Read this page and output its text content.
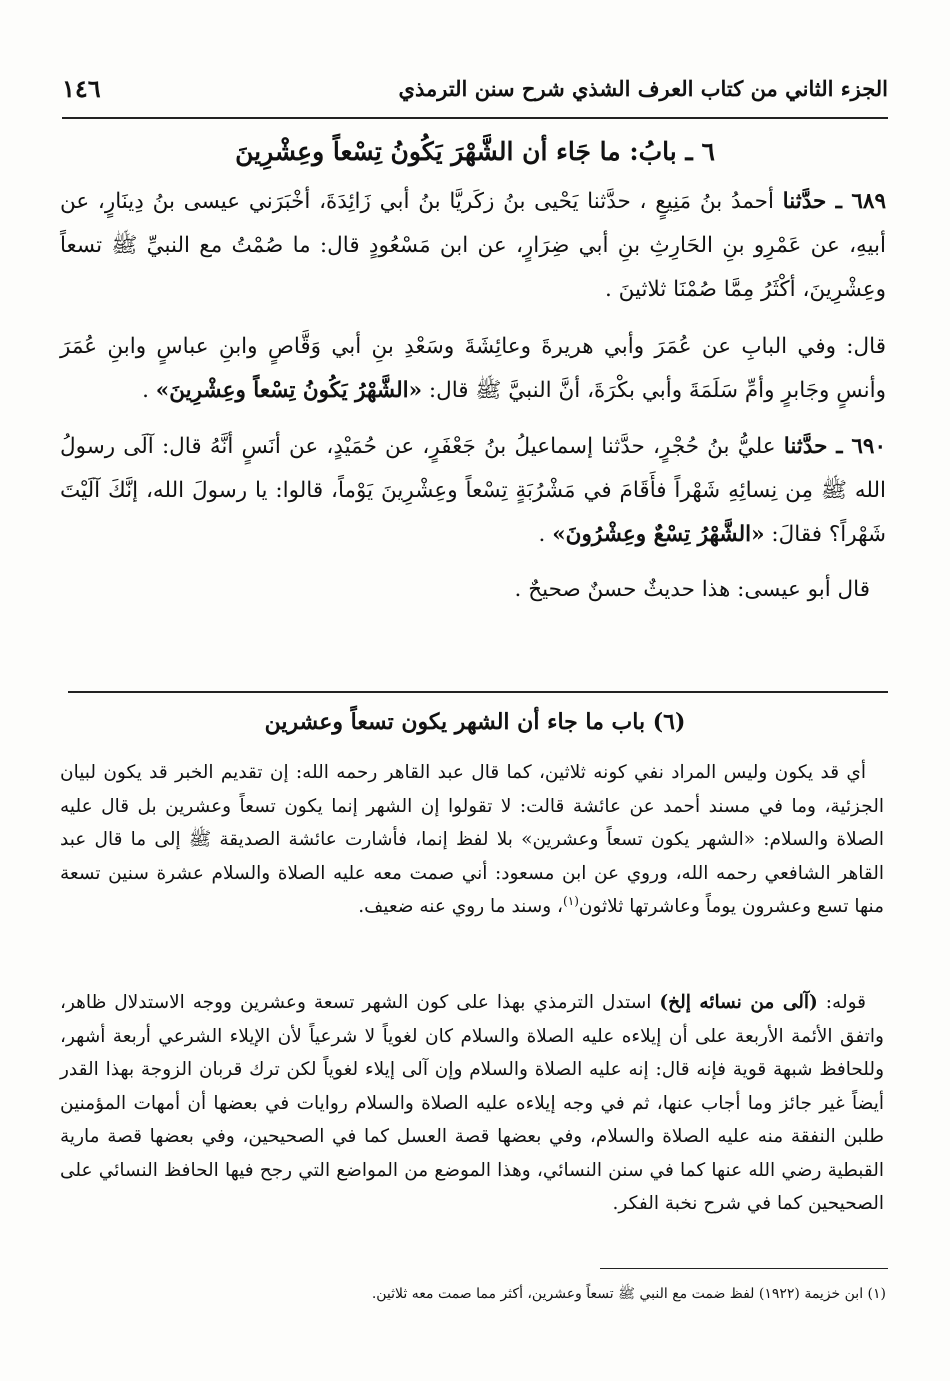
الجزء الثاني من كتاب العرف الشذي شرح سنن الترمذي
١٤٦
٦ ـ بابُ: ما جَاء أن الشَّهْرَ يَكُونُ تِسْعاً وعِشْرِينَ
٦٨٩ ـ حدَّثنا أحمدُ بنُ مَنِيعٍ ، حدَّثنا يَحْيى بنُ زكَريَّا بنُ أبي زَائِدَةَ، أخْبَرَني عيسى بنُ دِينَارٍ، عن أبيهِ، عن عَمْرِو بنِ الحَارِثِ بنِ أبي ضِرَارٍ، عن ابن مَسْعُودٍ قال: ما صُمْتُ مع النبيِّ ﷺ تسعاً وعِشْرِينَ، أكْثَرُ مِمَّا صُمْنَا ثلاثينَ .
قال: وفي البابِ عن عُمَرَ وأبي هريرةَ وعائِشَةَ وسَعْدِ بنِ أبي وَقَّاصٍ وابنِ عباسٍ وابنِ عُمَرَ وأنسٍ وجَابرٍ وأمِّ سَلَمَةَ وأبي بكْرَةَ، أنَّ النبيَّ ﷺ قال: «الشَّهْرُ يَكُونُ تِسْعاً وعِشْرِينَ» .
٦٩٠ ـ حدَّثنا عليُّ بنُ حُجْرٍ، حدَّثنا إسماعيلُ بنُ جَعْفَرٍ، عن حُمَيْدٍ، عن أنَسٍ أنَّهُ قال: آلَى رسولُ الله ﷺ مِن نِسائِهِ شَهْراً فأَقَامَ في مَشْرُبَةٍ تِسْعاً وعِشْرِينَ يَوْماً، قالوا: يا رسولَ الله، إنَّكَ آلَيْتَ شَهْراً؟ فقالَ: «الشَّهْرُ تِسْعٌ وعِشْرُونَ» .
قال أبو عيسى: هذا حديثٌ حسنٌ صحيحٌ .
(٦) باب ما جاء أن الشهر يكون تسعاً وعشرين
أي قد يكون وليس المراد نفي كونه ثلاثين، كما قال عبد القاهر رحمه الله: إن تقديم الخبر قد يكون لبيان الجزئية، وما في مسند أحمد عن عائشة قالت: لا تقولوا إن الشهر إنما يكون تسعاً وعشرين بل قال عليه الصلاة والسلام: «الشهر يكون تسعاً وعشرين» بلا لفظ إنما، فأشارت عائشة الصديقة ﷺ إلى ما قال عبد القاهر الشافعي رحمه الله، وروي عن ابن مسعود: أني صمت معه عليه الصلاة والسلام عشرة سنين تسعة منها تسع وعشرون يوماً وعاشرتها ثلاثون$^{(١)}$، وسند ما روي عنه ضعيف.
قوله: (آلى من نسائه إلخ) استدل الترمذي بهذا على كون الشهر تسعة وعشرين ووجه الاستدلال ظاهر، واتفق الأئمة الأربعة على أن إيلاءه عليه الصلاة والسلام كان لغوياً لا شرعياً لأن الإيلاء الشرعي أربعة أشهر، وللحافظ شبهة قوية فإنه قال: إنه عليه الصلاة والسلام وإن آلى إيلاء لغوياً لكن ترك قربان الزوجة بهذا القدر أيضاً غير جائز وما أجاب عنها، ثم في وجه إيلاءه عليه الصلاة والسلام روايات في بعضها أن أمهات المؤمنين طلبن النفقة منه عليه الصلاة والسلام، وفي بعضها قصة العسل كما في الصحيحين، وفي بعضها قصة مارية القبطية رضي الله عنها كما في سنن النسائي، وهذا الموضع من المواضع التي رجح فيها الحافظ النسائي على الصحيحين كما في شرح نخبة الفكر.
(١) ابن خزيمة (١٩٢٢) لفظ ضمت مع النبي ﷺ تسعاً وعشرين، أكثر مما صمت معه ثلاثين.
